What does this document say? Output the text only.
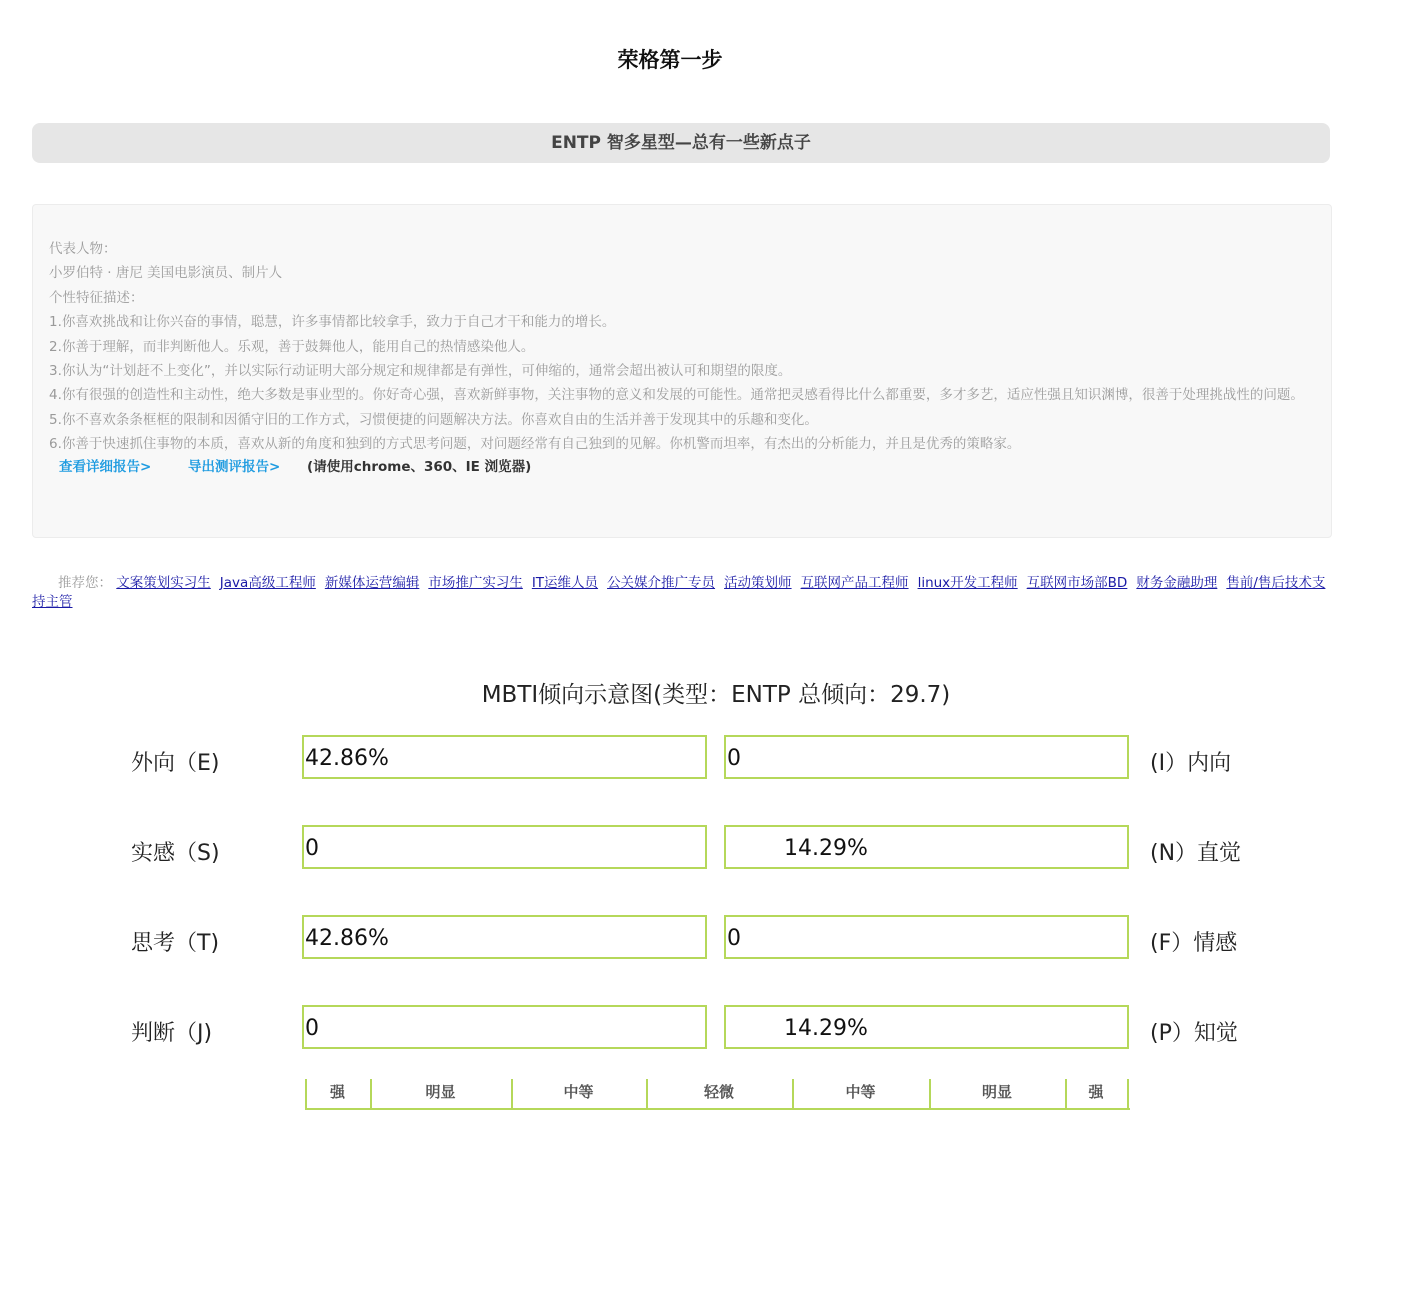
荣格第一步
ENTP 智多星型—总有一些新点子

代表人物：

小罗伯特 · 唐尼 美国电影演员、制片人

个性特征描述：

1.你喜欢挑战和让你兴奋的事情，聪慧，许多事情都比较拿手，致力于自己才干和能力的增长。

2.你善于理解，而非判断他人。乐观，善于鼓舞他人，能用自己的热情感染他人。

3.你认为“计划赶不上变化”，并以实际行动证明大部分规定和规律都是有弹性，可伸缩的，通常会超出被认可和期望的限度。

4.你有很强的创造性和主动性，绝大多数是事业型的。你好奇心强，喜欢新鲜事物，关注事物的意义和发展的可能性。通常把灵感看得比什么都重要，多才多艺，适应性强且知识渊博，很善于处理挑战性的问题。

5.你不喜欢条条框框的限制和因循守旧的工作方式，习惯便捷的问题解决方法。你喜欢自由的生活并善于发现其中的乐趣和变化。

6.你善于快速抓住事物的本质，喜欢从新的角度和独到的方式思考问题，对问题经常有自己独到的见解。你机警而坦率，有杰出的分析能力，并且是优秀的策略家。

查看详细报告>	导出测评报告> (请使用chrome、360、IE 浏览器)
推荐您： 文案策划实习生 Java高级工程师 新媒体运营编辑 市场推广实习生 IT运维人员 公关媒介推广专员 活动策划师 互联网产品工程师 linux开发工程师 互联网市场部BD 财务金融助理 售前/售后技术支持主管
MBTI倾向示意图(类型：ENTP 总倾向：29.7)
外向（E)	42.86%	0	(I）内向
实感（S)	0	14.29%	(N）直觉
思考（T)	42.86%	0	(F）情感
判断（J)	0	14.29%	(P）知觉
强	明显	中等	轻微	中等	明显	强
